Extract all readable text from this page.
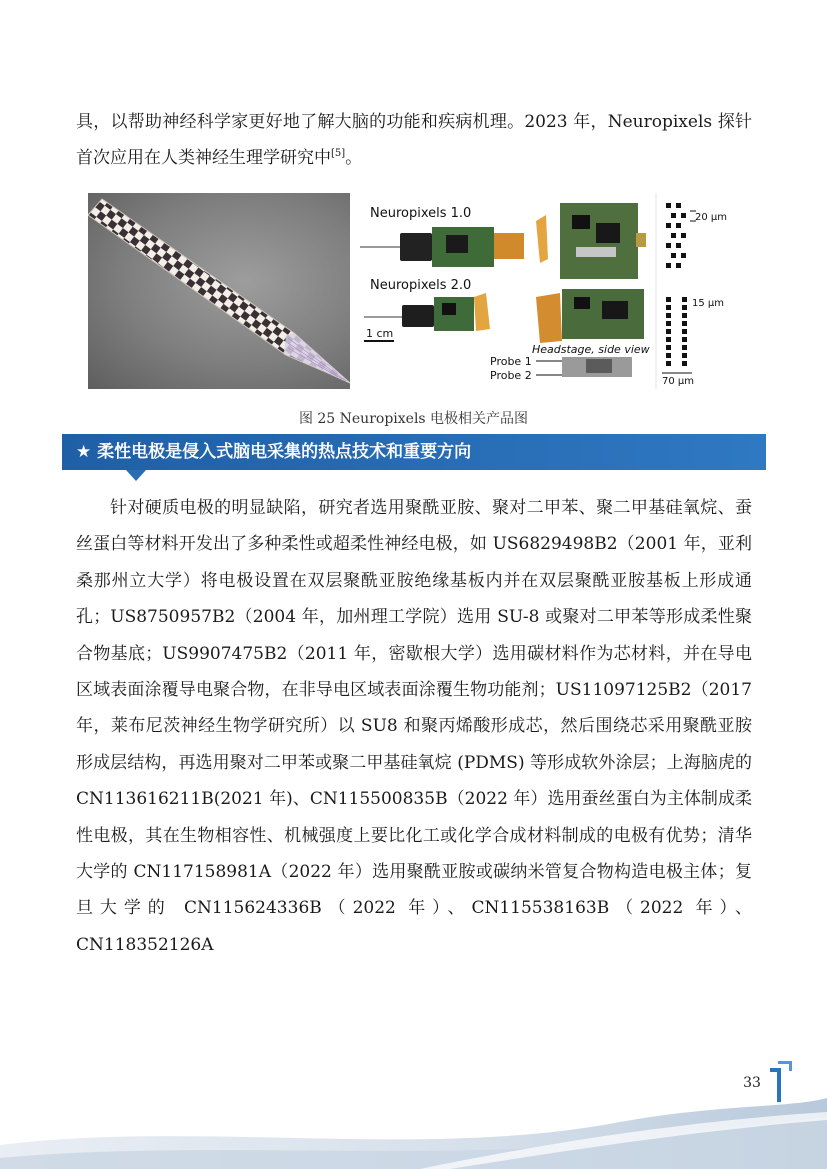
具，以帮助神经科学家更好地了解大脑的功能和疾病机理。2023 年，Neuropixels 探针首次应用在人类神经生理学研究中[5]。

Neuropixels 1.0
Neuropixels 2.0
1 cm
Headstage, side view
Probe 1
Probe 2
20 μm
15 μm
70 μm
图 25 Neuropixels 电极相关产品图
★ 柔性电极是侵入式脑电采集的热点技术和重要方向

针对硬质电极的明显缺陷，研究者选用聚酰亚胺、聚对二甲苯、聚二甲基硅氧烷、蚕丝蛋白等材料开发出了多种柔性或超柔性神经电极，如 US6829498B2（2001 年，亚利桑那州立大学）将电极设置在双层聚酰亚胺绝缘基板内并在双层聚酰亚胺基板上形成通孔；US8750957B2（2004 年，加州理工学院）选用 SU-8 或聚对二甲苯等形成柔性聚合物基底；US9907475B2（2011 年，密歇根大学）选用碳材料作为芯材料，并在导电区域表面涂覆导电聚合物，在非导电区域表面涂覆生物功能剂；US11097125B2（2017 年，莱布尼茨神经生物学研究所）以 SU8 和聚丙烯酸形成芯，然后围绕芯采用聚酰亚胺形成层结构，再选用聚对二甲苯或聚二甲基硅氧烷 (PDMS) 等形成软外涂层；上海脑虎的 CN113616211B(2021 年)、CN115500835B（2022 年）选用蚕丝蛋白为主体制成柔性电极，其在生物相容性、机械强度上要比化工或化学合成材料制成的电极有优势；清华大学的 CN117158981A（2022 年）选用聚酰亚胺或碳纳米管复合物构造电极主体；复旦大学的 CN115624336B（2022 年）、CN115538163B（2022 年）、CN118352126A

33
